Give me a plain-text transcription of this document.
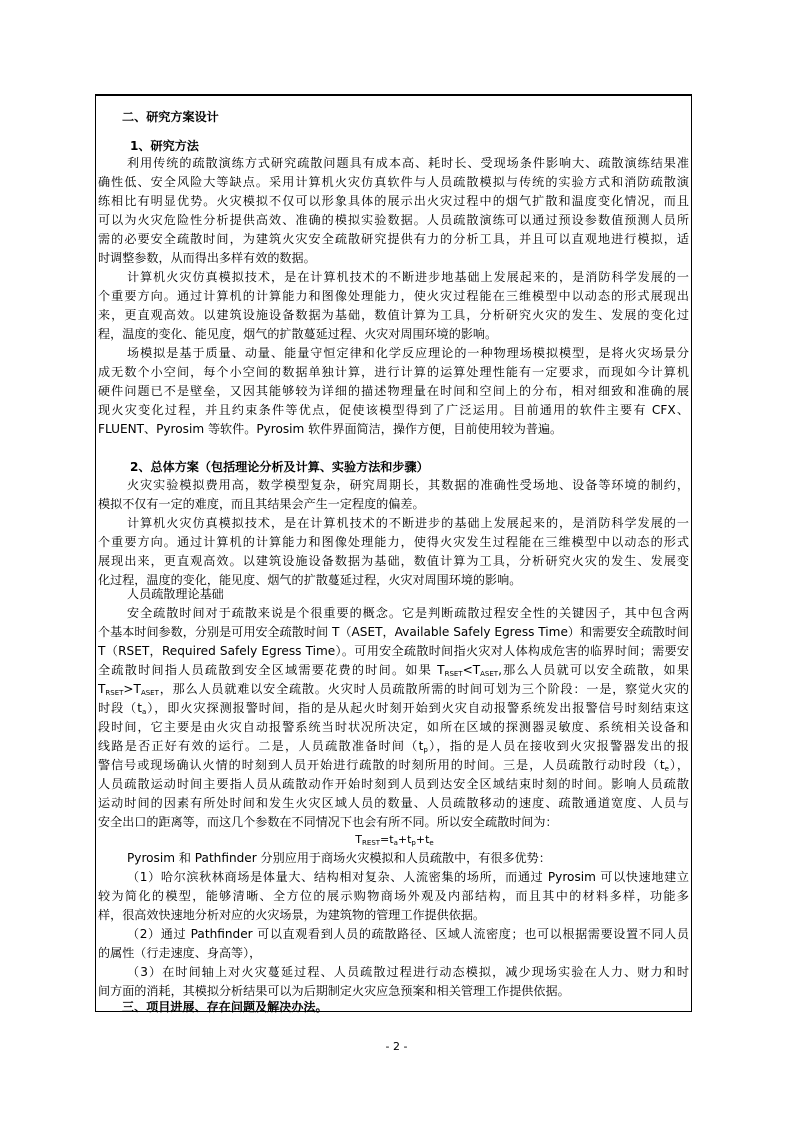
二、研究方案设计
1、研究方法
利用传统的疏散演练方式研究疏散问题具有成本高、耗时长、受现场条件影响大、疏散演练结果准
确性低、安全风险大等缺点。采用计算机火灾仿真软件与人员疏散模拟与传统的实验方式和消防疏散演
练相比有明显优势。火灾模拟不仅可以形象具体的展示出火灾过程中的烟气扩散和温度变化情况，而且
可以为火灾危险性分析提供高效、准确的模拟实验数据。人员疏散演练可以通过预设参数值预测人员所
需的必要安全疏散时间，为建筑火灾安全疏散研究提供有力的分析工具，并且可以直观地进行模拟，适
时调整参数，从而得出多样有效的数据。
计算机火灾仿真模拟技术，是在计算机技术的不断进步地基础上发展起来的，是消防科学发展的一
个重要方向。通过计算机的计算能力和图像处理能力，使火灾过程能在三维模型中以动态的形式展现出
来，更直观高效。以建筑设施设备数据为基础，数值计算为工具，分析研究火灾的发生、发展的变化过
程，温度的变化、能见度，烟气的扩散蔓延过程、火灾对周围环境的影响。
场模拟是基于质量、动量、能量守恒定律和化学反应理论的一种物理场模拟模型，是将火灾场景分
成无数个小空间，每个小空间的数据单独计算，进行计算的运算处理性能有一定要求，而现如今计算机
硬件问题已不是壁垒，又因其能够较为详细的描述物理量在时间和空间上的分布，相对细致和准确的展
现火灾变化过程，并且约束条件等优点，促使该模型得到了广泛运用。目前通用的软件主要有 CFX、
FLUENT、Pyrosim 等软件。Pyrosim 软件界面简洁，操作方便，目前使用较为普遍。
2、总体方案（包括理论分析及计算、实验方法和步骤）
火灾实验模拟费用高，数学模型复杂，研究周期长，其数据的准确性受场地、设备等环境的制约，
模拟不仅有一定的难度，而且其结果会产生一定程度的偏差。
计算机火灾仿真模拟技术，是在计算机技术的不断进步的基础上发展起来的，是消防科学发展的一
个重要方向。通过计算机的计算能力和图像处理能力，使得火灾发生过程能在三维模型中以动态的形式
展现出来，更直观高效。以建筑设施设备数据为基础，数值计算为工具，分析研究火灾的发生、发展变
化过程，温度的变化，能见度、烟气的扩散蔓延过程，火灾对周围环境的影响。
人员疏散理论基础
安全疏散时间对于疏散来说是个很重要的概念。它是判断疏散过程安全性的关键因子，其中包含两
个基本时间参数，分别是可用安全疏散时间 T（ASET，Available Safely Egress Time）和需要安全疏散时间
T（RSET，Required Safely Egress Time）。可用安全疏散时间指火灾对人体构成危害的临界时间；需要安
全疏散时间指人员疏散到安全区域需要花费的时间。如果 $T_{RSET}<T_{ASET}$,那么人员就可以安全疏散，如果
$T_{RSET}>T_{ASET}$，那么人员就难以安全疏散。火灾时人员疏散所需的时间可划为三个阶段：一是，察觉火灾的
时段$(t_a)$，即火灾探测报警时间，指的是从起火时刻开始到火灾自动报警系统发出报警信号时刻结束这
段时间，它主要是由火灾自动报警系统当时状况所决定，如所在区域的探测器灵敏度、系统相关设备和
线路是否正好有效的运行。二是，人员疏散准备时间$(t_p)$，指的是人员在接收到火灾报警器发出的报
警信号或现场确认火情的时刻到人员开始进行疏散的时刻所用的时间。三是，人员疏散行动时段$(t_e)$，
人员疏散运动时间主要指人员从疏散动作开始时刻到人员到达安全区域结束时刻的时间。影响人员疏散
运动时间的因素有所处时间和发生火灾区域人员的数量、人员疏散移动的速度、疏散通道宽度、人员与
安全出口的距离等，而这几个参数在不同情况下也会有所不同。所以安全疏散时间为：
$T_{REST}=t_a+t_p+t_e$
Pyrosim 和 Pathfinder 分别应用于商场火灾模拟和人员疏散中，有很多优势：
（1）哈尔滨秋林商场是体量大、结构相对复杂、人流密集的场所，而通过 Pyrosim 可以快速地建立
较为简化的模型，能够清晰、全方位的展示购物商场外观及内部结构，而且其中的材料多样，功能多
样，很高效快速地分析对应的火灾场景，为建筑物的管理工作提供依据。
（2）通过 Pathfinder 可以直观看到人员的疏散路径、区域人流密度；也可以根据需要设置不同人员
的属性（行走速度、身高等），
（3）在时间轴上对火灾蔓延过程、人员疏散过程进行动态模拟，减少现场实验在人力、财力和时
间方面的消耗，其模拟分析结果可以为后期制定火灾应急预案和相关管理工作提供依据。
三、项目进展、存在问题及解决办法。
- 2 -
